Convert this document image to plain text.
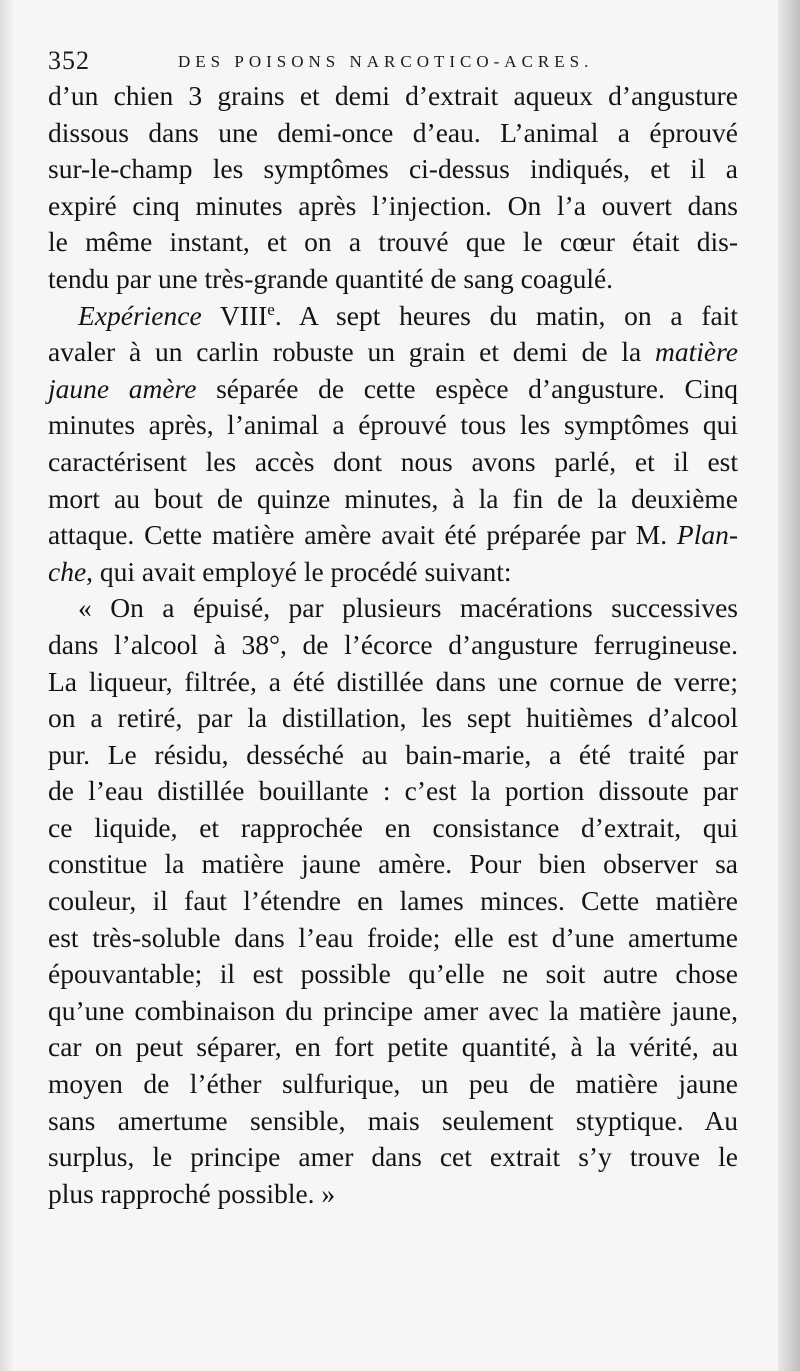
352	DES POISONS NARCOTICO-ACRES.
d’un chien 3 grains et demi d’extrait aqueux d’angusture
dissous dans une demi-once d’eau. L’animal a éprouvé
sur-le-champ les symptômes ci-dessus indiqués, et il a
expiré cinq minutes après l’injection. On l’a ouvert dans
le même instant, et on a trouvé que le cœur était dis-
tendu par une très-grande quantité de sang coagulé.
Expérience VIIIe. A sept heures du matin, on a fait
avaler à un carlin robuste un grain et demi de la matière
jaune amère séparée de cette espèce d’angusture. Cinq
minutes après, l’animal a éprouvé tous les symptômes qui
caractérisent les accès dont nous avons parlé, et il est
mort au bout de quinze minutes, à la fin de la deuxième
attaque. Cette matière amère avait été préparée par M. Plan-
che, qui avait employé le procédé suivant:
« On a épuisé, par plusieurs macérations successives
dans l’alcool à 38°, de l’écorce d’angusture ferrugineuse.
La liqueur, filtrée, a été distillée dans une cornue de verre;
on a retiré, par la distillation, les sept huitièmes d’alcool
pur. Le résidu, desséché au bain-marie, a été traité par
de l’eau distillée bouillante : c’est la portion dissoute par
ce liquide, et rapprochée en consistance d’extrait, qui
constitue la matière jaune amère. Pour bien observer sa
couleur, il faut l’étendre en lames minces. Cette matière
est très-soluble dans l’eau froide; elle est d’une amertume
épouvantable; il est possible qu’elle ne soit autre chose
qu’une combinaison du principe amer avec la matière jaune,
car on peut séparer, en fort petite quantité, à la vérité, au
moyen de l’éther sulfurique, un peu de matière jaune
sans amertume sensible, mais seulement styptique. Au
surplus, le principe amer dans cet extrait s’y trouve le
plus rapproché possible. »
